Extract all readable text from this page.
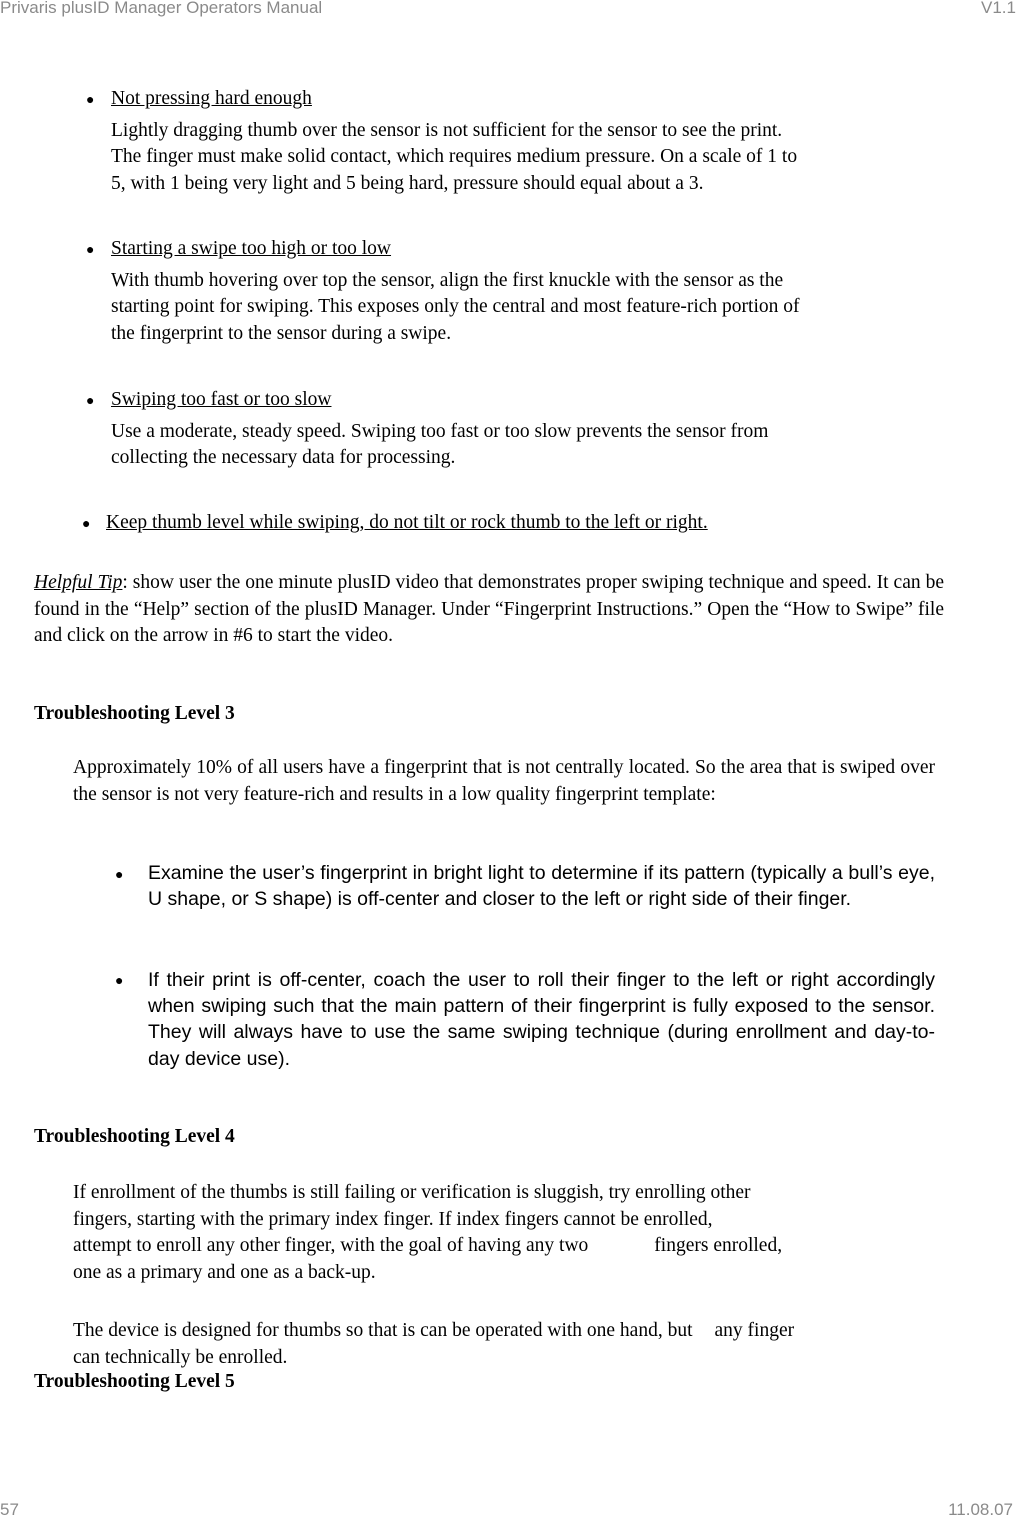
Privaris plusID Manager Operators Manual	V1.1
57	11.08.07
● Not pressing hard enough
Lightly dragging thumb over the sensor is not sufficient for the sensor to see the print.
The finger must make solid contact, which requires medium pressure. On a scale of 1 to
5, with 1 being very light and 5 being hard, pressure should equal about a 3.
● Starting a swipe too high or too low
With thumb hovering over top the sensor, align the first knuckle with the sensor as the
starting point for swiping. This exposes only the central and most feature-rich portion of
the fingerprint to the sensor during a swipe.
● Swiping too fast or too slow
Use a moderate, steady speed. Swiping too fast or too slow prevents the sensor from
collecting the necessary data for processing.
● Keep thumb level while swiping, do not tilt or rock thumb to the left or right.
Helpful Tip: show user the one minute plusID video that demonstrates proper swiping technique and speed. It can be found in the “Help” section of the plusID Manager. Under “Fingerprint Instructions.” Open the “How to Swipe” file and click on the arrow in #6 to start the video.
Troubleshooting Level 3
Approximately 10% of all users have a fingerprint that is not centrally located. So the area that is swiped over the sensor is not very feature-rich and results in a low quality fingerprint template:
● Examine the user’s fingerprint in bright light to determine if its pattern (typically a bull’s eye, U shape, or S shape) is off-center and closer to the left or right side of their finger.
● If their print is off-center, coach the user to roll their finger to the left or right accordingly when swiping such that the main pattern of their fingerprint is fully exposed to the sensor. They will always have to use the same swiping technique (during enrollment and day-to-day device use).
Troubleshooting Level 4
If enrollment of the thumbs is still failing or verification is sluggish, try enrolling other
fingers, starting with the primary index finger. If index fingers cannot be enrolled,
attempt to enroll any other finger, with the goal of having any two	fingers enrolled,
one as a primary and one as a back-up.
The device is designed for thumbs so that is can be operated with one hand, but any finger
can technically be enrolled.
Troubleshooting Level 5
